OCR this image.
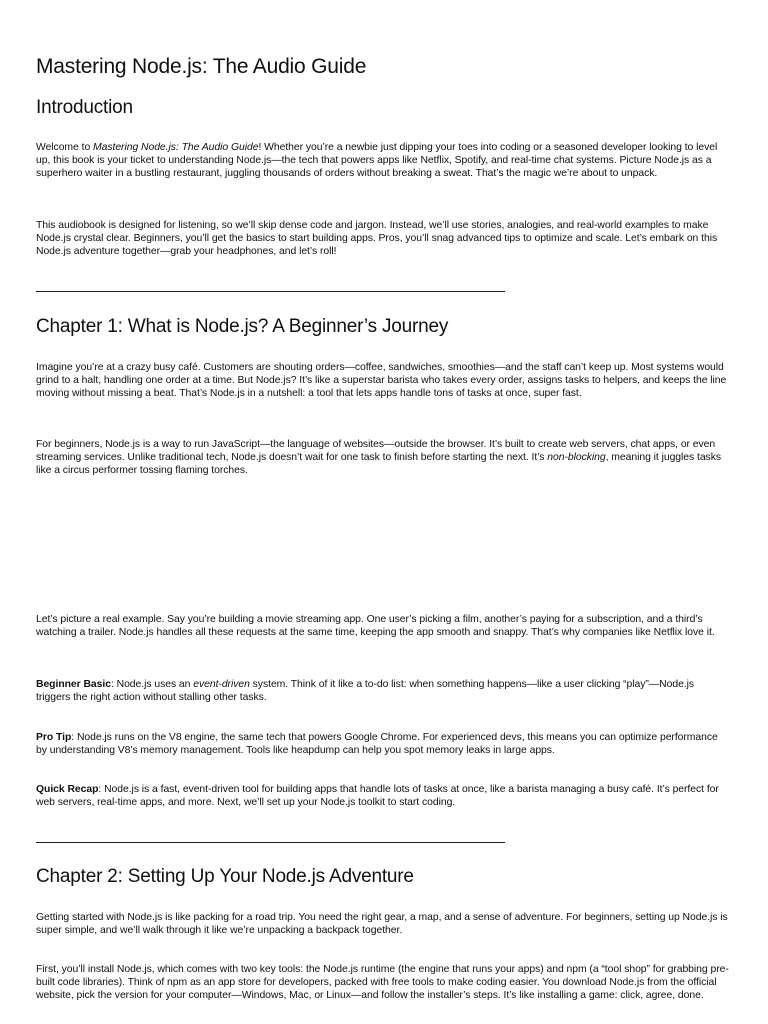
Mastering Node.js: The Audio Guide
Introduction

Welcome to Mastering Node.js: The Audio Guide! Whether you’re a newbie just dipping your toes into coding or a seasoned developer looking to level up, this book is your ticket to understanding Node.js—the tech that powers apps like Netflix, Spotify, and real-time chat systems. Picture Node.js as a superhero waiter in a bustling restaurant, juggling thousands of orders without breaking a sweat. That’s the magic we’re about to unpack.

This audiobook is designed for listening, so we’ll skip dense code and jargon. Instead, we’ll use stories, analogies, and real-world examples to make Node.js crystal clear. Beginners, you’ll get the basics to start building apps. Pros, you’ll snag advanced tips to optimize and scale. Let’s embark on this Node.js adventure together—grab your headphones, and let’s roll!

Chapter 1: What is Node.js? A Beginner’s Journey

Imagine you’re at a crazy busy café. Customers are shouting orders—coffee, sandwiches, smoothies—and the staff can’t keep up. Most systems would grind to a halt, handling one order at a time. But Node.js? It’s like a superstar barista who takes every order, assigns tasks to helpers, and keeps the line moving without missing a beat. That’s Node.js in a nutshell: a tool that lets apps handle tons of tasks at once, super fast.

For beginners, Node.js is a way to run JavaScript—the language of websites—outside the browser. It’s built to create web servers, chat apps, or even streaming services. Unlike traditional tech, Node.js doesn’t wait for one task to finish before starting the next. It’s non-blocking, meaning it juggles tasks like a circus performer tossing flaming torches.

Let’s picture a real example. Say you’re building a movie streaming app. One user’s picking a film, another’s paying for a subscription, and a third’s watching a trailer. Node.js handles all these requests at the same time, keeping the app smooth and snappy. That’s why companies like Netflix love it.

Beginner Basic: Node.js uses an event-driven system. Think of it like a to-do list: when something happens—like a user clicking “play”—Node.js triggers the right action without stalling other tasks.

Pro Tip: Node.js runs on the V8 engine, the same tech that powers Google Chrome. For experienced devs, this means you can optimize performance by understanding V8’s memory management. Tools like heapdump can help you spot memory leaks in large apps.

Quick Recap: Node.js is a fast, event-driven tool for building apps that handle lots of tasks at once, like a barista managing a busy café. It’s perfect for web servers, real-time apps, and more. Next, we’ll set up your Node.js toolkit to start coding.

Chapter 2: Setting Up Your Node.js Adventure

Getting started with Node.js is like packing for a road trip. You need the right gear, a map, and a sense of adventure. For beginners, setting up Node.js is super simple, and we’ll walk through it like we’re unpacking a backpack together.

First, you’ll install Node.js, which comes with two key tools: the Node.js runtime (the engine that runs your apps) and npm (a “tool shop” for grabbing pre-built code libraries). Think of npm as an app store for developers, packed with free tools to make coding easier. You download Node.js from the official website, pick the version for your computer—Windows, Mac, or Linux—and follow the installer’s steps. It’s like installing a game: click, agree, done.
